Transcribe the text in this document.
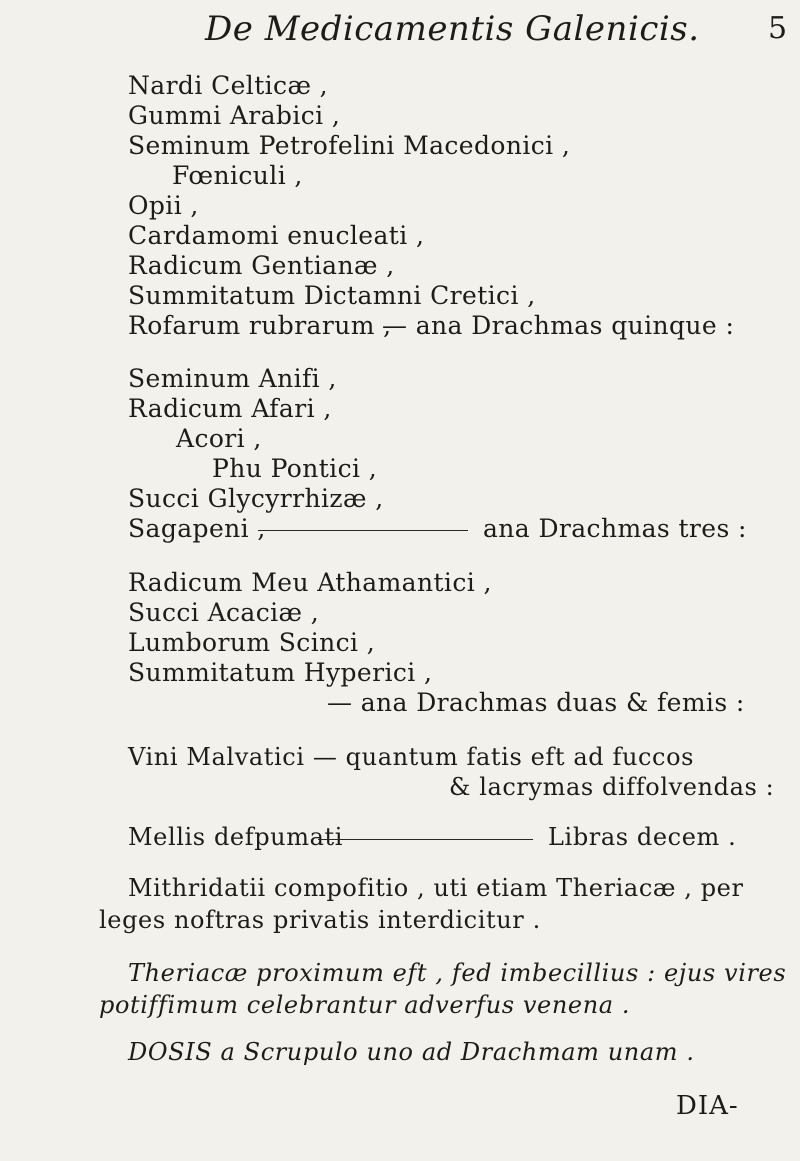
De Medicamentis Galenicis. 5
Nardi Celticæ ,
Gummi Arabici ,
Seminum Petrofelini Macedonici ,
Fœniculi ,
Opii ,
Cardamomi enucleati ,
Radicum Gentianæ ,
Summitatum Dictamni Cretici ,
Rofarum rubrarum ,
— ana Drachmas quinque :
Seminum Anifi ,
Radicum Afari ,
Acori ,
Phu Pontici ,
Succi Glycyrrhizæ ,
Sagapeni ,	ana Drachmas tres :
Radicum Meu Athamantici ,
Succi Acaciæ ,
Lumborum Scinci ,
Summitatum Hyperici ,
— ana Drachmas duas & femis :
Vini Malvatici — quantum fatis eft ad fuccos
& lacrymas diffolvendas :
Mellis defpumati	Libras decem .
Mithridatii compofitio , uti etiam Theriacæ , per
leges noftras privatis interdicitur .
Theriacæ proximum eft , fed imbecillius : ejus vires
potiffimum celebrantur adverfus venena .
DOSIS a Scrupulo uno ad Drachmam unam .
DIA-
